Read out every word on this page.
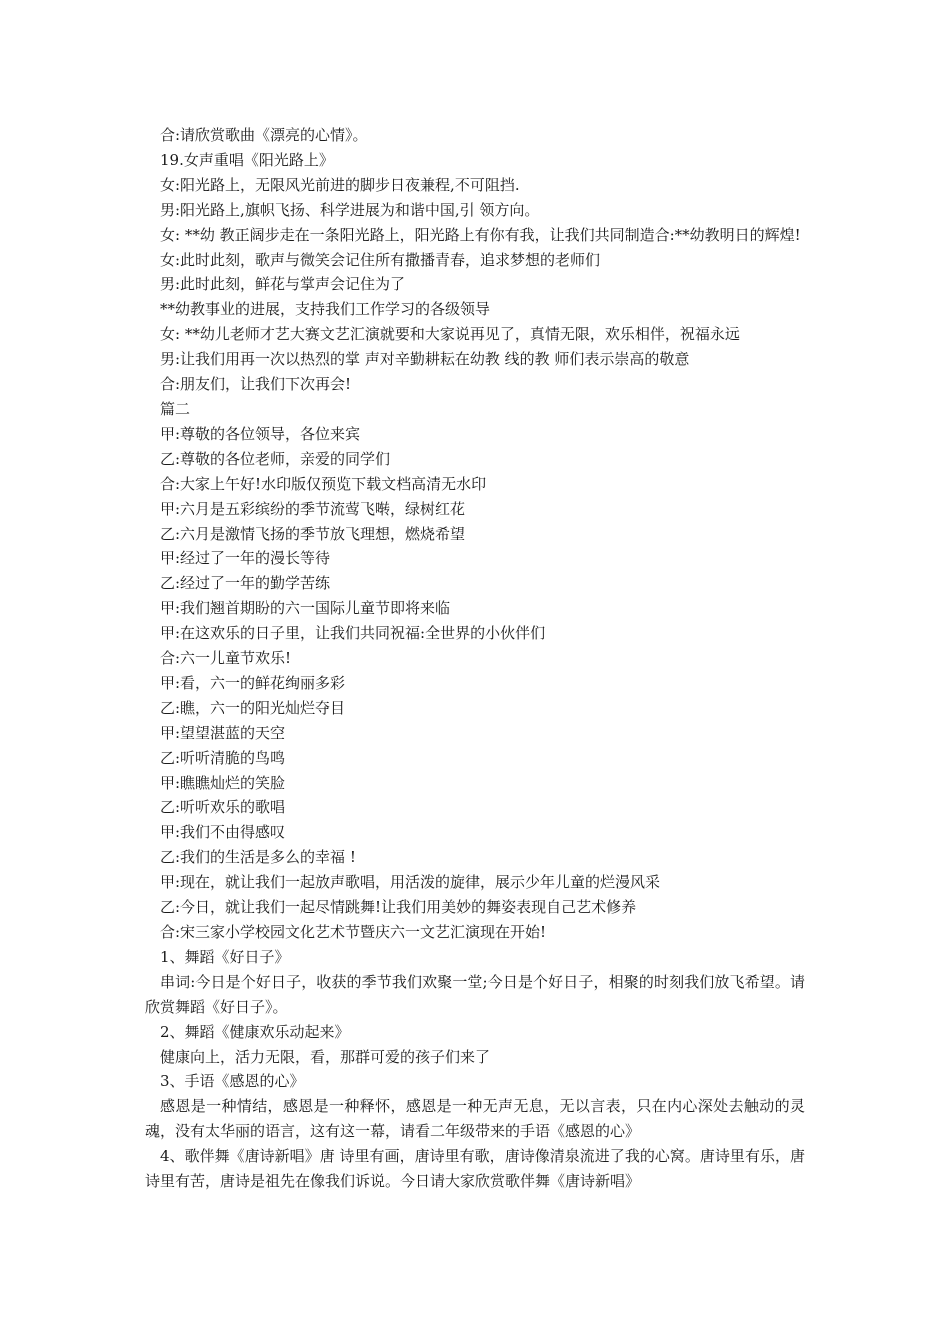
合:请欣赏歌曲《漂亮的心情》。

19.女声重唱《阳光路上》

女:阳光路上，无限风光前进的脚步日夜兼程,不可阻挡.

男:阳光路上,旗帜飞扬、科学进展为和谐中国,引 领方向。

女: **幼 教正阔步走在一条阳光路上，阳光路上有你有我，让我们共同制造合:**幼教明日的辉煌!

女:此时此刻，歌声与微笑会记住所有撒播青春，追求梦想的老师们

男:此时此刻，鲜花与掌声会记住为了

**幼教事业的进展，支持我们工作学习的各级领导

女: **幼儿老师才艺大赛文艺汇演就要和大家说再见了，真情无限，欢乐相伴，祝福永远

男:让我们用再一次以热烈的掌 声对辛勤耕耘在幼教 线的教 师们表示崇高的敬意

合:朋友们，让我们下次再会!

篇二

甲:尊敬的各位领导，各位来宾

乙:尊敬的各位老师，亲爱的同学们

合:大家上午好!水印版仅预览下载文档高清无水印

甲:六月是五彩缤纷的季节流莺飞啭，绿树红花

乙:六月是激情飞扬的季节放飞理想，燃烧希望

甲:经过了一年的漫长等待

乙:经过了一年的勤学苦练

甲:我们翘首期盼的六一国际儿童节即将来临

甲:在这欢乐的日子里，让我们共同祝福:全世界的小伙伴们

合:六一儿童节欢乐!

甲:看，六一的鲜花绚丽多彩

乙:瞧，六一的阳光灿烂夺目

甲:望望湛蓝的天空

乙:听听清脆的鸟鸣

甲:瞧瞧灿烂的笑脸

乙:听听欢乐的歌唱

甲:我们不由得感叹

乙:我们的生活是多么的幸福 !

甲:现在，就让我们一起放声歌唱，用活泼的旋律，展示少年儿童的烂漫风采

乙:今日，就让我们一起尽情跳舞!让我们用美妙的舞姿表现自己艺术修养

合:宋三家小学校园文化艺术节暨庆六一文艺汇演现在开始!

1、舞蹈《好日子》

串词:今日是个好日子，收获的季节我们欢聚一堂;今日是个好日子，相聚的时刻我们放飞希望。请欣赏舞蹈《好日子》。

2、舞蹈《健康欢乐动起来》

健康向上，活力无限，看，那群可爱的孩子们来了

3、手语《感恩的心》

感恩是一种情结，感恩是一种释怀，感恩是一种无声无息，无以言表，只在内心深处去触动的灵魂，没有太华丽的语言，这有这一幕，请看二年级带来的手语《感恩的心》

4、歌伴舞《唐诗新唱》唐 诗里有画，唐诗里有歌，唐诗像清泉流进了我的心窝。唐诗里有乐，唐诗里有苦，唐诗是祖先在像我们诉说。今日请大家欣赏歌伴舞《唐诗新唱》
